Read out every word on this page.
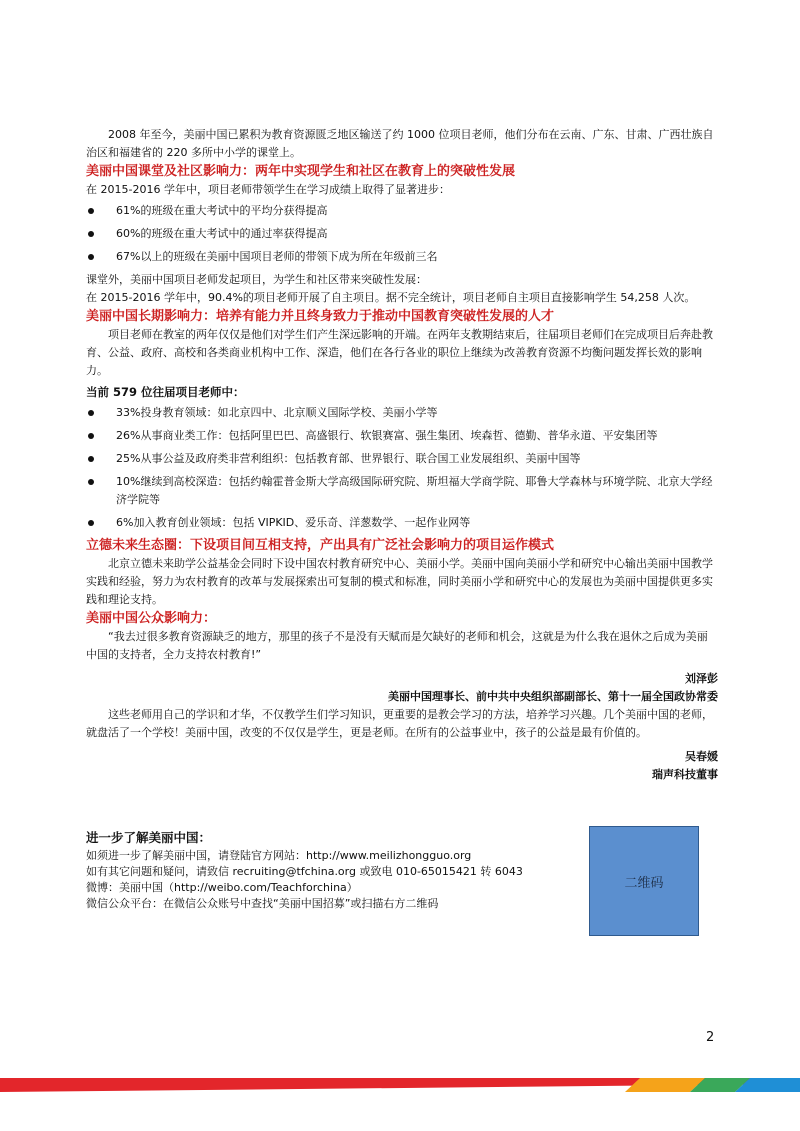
2008 年至今，美丽中国已累积为教育资源匮乏地区输送了约 1000 位项目老师，他们分布在云南、广东、甘肃、广西壮族自治区和福建省的 220 多所中小学的课堂上。

美丽中国课堂及社区影响力：两年中实现学生和社区在教育上的突破性发展

在 2015-2016 学年中，项目老师带领学生在学习成绩上取得了显著进步：

61%的班级在重大考试中的平均分获得提高
60%的班级在重大考试中的通过率获得提高
67%以上的班级在美丽中国项目老师的带领下成为所在年级前三名

课堂外，美丽中国项目老师发起项目，为学生和社区带来突破性发展：

在 2015-2016 学年中，90.4%的项目老师开展了自主项目。据不完全统计，项目老师自主项目直接影响学生 54,258 人次。

美丽中国长期影响力：培养有能力并且终身致力于推动中国教育突破性发展的人才

项目老师在教室的两年仅仅是他们对学生们产生深远影响的开端。在两年支教期结束后，往届项目老师们在完成项目后奔赴教育、公益、政府、高校和各类商业机构中工作、深造，他们在各行各业的职位上继续为改善教育资源不均衡问题发挥长效的影响力。

当前 579 位往届项目老师中：

33%投身教育领域：如北京四中、北京顺义国际学校、美丽小学等
26%从事商业类工作：包括阿里巴巴、高盛银行、软银赛富、强生集团、埃森哲、德勤、普华永道、平安集团等
25%从事公益及政府类非营利组织：包括教育部、世界银行、联合国工业发展组织、美丽中国等
10%继续到高校深造：包括约翰霍普金斯大学高级国际研究院、斯坦福大学商学院、耶鲁大学森林与环境学院、北京大学经济学院等
6%加入教育创业领域：包括 VIPKID、爱乐奇、洋葱数学、一起作业网等

立德未来生态圈：下设项目间互相支持，产出具有广泛社会影响力的项目运作模式

北京立德未来助学公益基金会同时下设中国农村教育研究中心、美丽小学。美丽中国向美丽小学和研究中心输出美丽中国教学实践和经验，努力为农村教育的改革与发展探索出可复制的模式和标准，同时美丽小学和研究中心的发展也为美丽中国提供更多实践和理论支持。

美丽中国公众影响力：

“我去过很多教育资源缺乏的地方，那里的孩子不是没有天赋而是欠缺好的老师和机会，这就是为什么我在退休之后成为美丽中国的支持者，全力支持农村教育!”

刘泽彭

美丽中国理事长、前中共中央组织部副部长、第十一届全国政协常委

这些老师用自己的学识和才华，不仅教学生们学习知识，更重要的是教会学习的方法，培养学习兴趣。几个美丽中国的老师，就盘活了一个学校！美丽中国，改变的不仅仅是学生，更是老师。在所有的公益事业中，孩子的公益是最有价值的。

吴春媛

瑞声科技董事

进一步了解美丽中国：
如须进一步了解美丽中国，请登陆官方网站：http://www.meilizhongguo.org
如有其它问题和疑问，请致信 recruiting@tfchina.org 或致电 010-65015421 转 6043
微博：美丽中国（http://weibo.com/Teachforchina）
微信公众平台：在微信公众账号中查找“美丽中国招募”或扫描右方二维码
二维码
2
